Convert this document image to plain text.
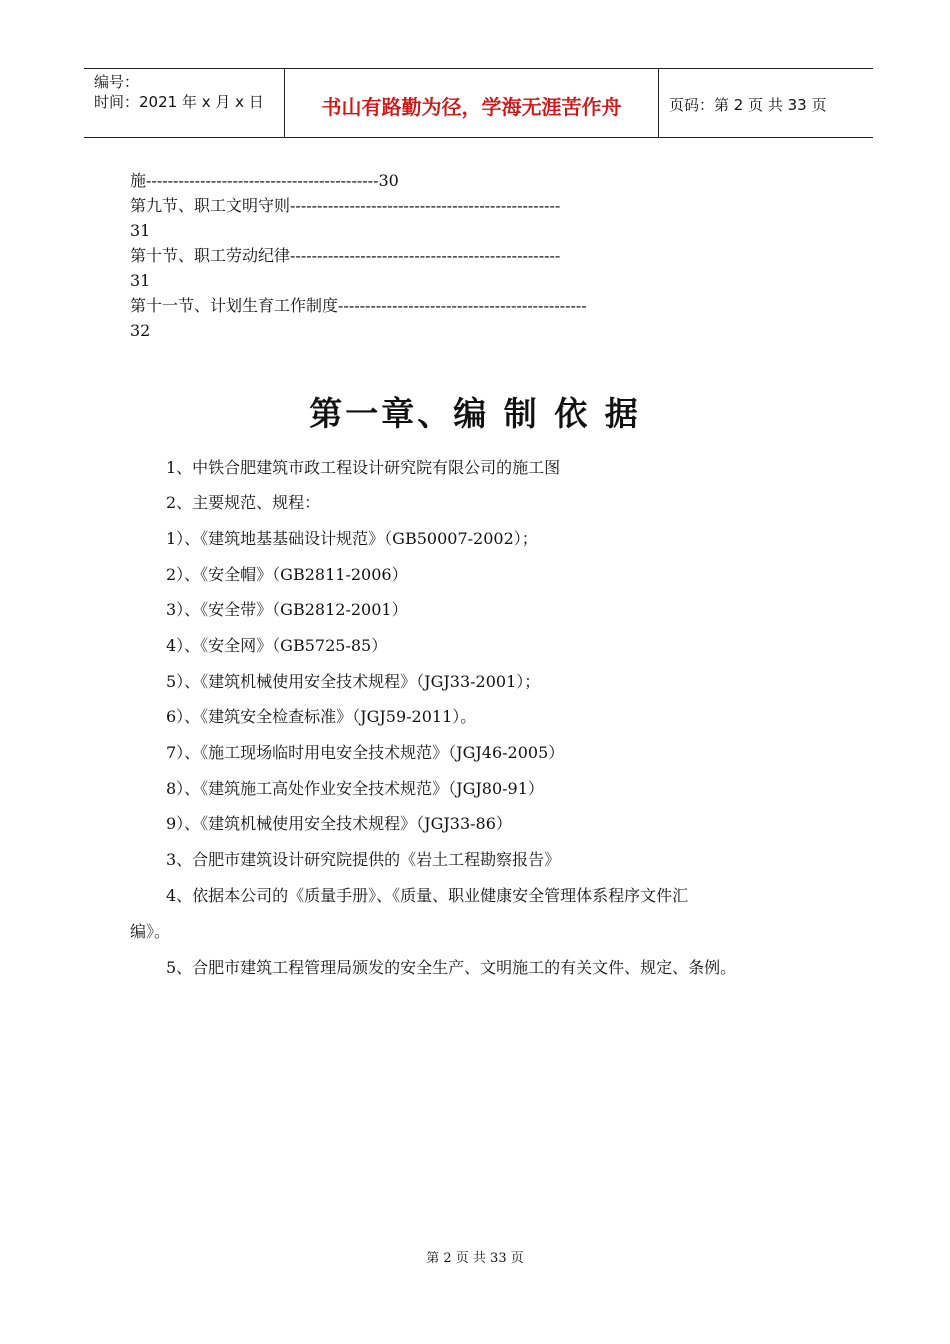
编号：
时间：2021 年 x 月 x 日	书山有路勤为径，学海无涯苦作舟	页码：第 2 页 共 33 页
施-------------------------------------------30
第九节、职工文明守则--------------------------------------------------
31
第十节、职工劳动纪律--------------------------------------------------
31
第十一节、计划生育工作制度----------------------------------------------
32
第一章、编 制 依 据
1、中铁合肥建筑市政工程设计研究院有限公司的施工图
2、主要规范、规程：
1）、《建筑地基基础设计规范》（GB50007-2002）；
2）、《安全帽》（GB2811-2006）
3）、《安全带》（GB2812-2001）
4）、《安全网》（GB5725-85）
5）、《建筑机械使用安全技术规程》（JGJ33-2001）；
6）、《建筑安全检查标准》（JGJ59-2011）。
7）、《施工现场临时用电安全技术规范》（JGJ46-2005）
8）、《建筑施工高处作业安全技术规范》（JGJ80-91）
9）、《建筑机械使用安全技术规程》（JGJ33-86）
3、合肥市建筑设计研究院提供的《岩土工程勘察报告》
4、依据本公司的《质量手册》、《质量、职业健康安全管理体系程序文件汇
编》。
5、合肥市建筑工程管理局颁发的安全生产、文明施工的有关文件、规定、条例。
第 2 页 共 33 页
